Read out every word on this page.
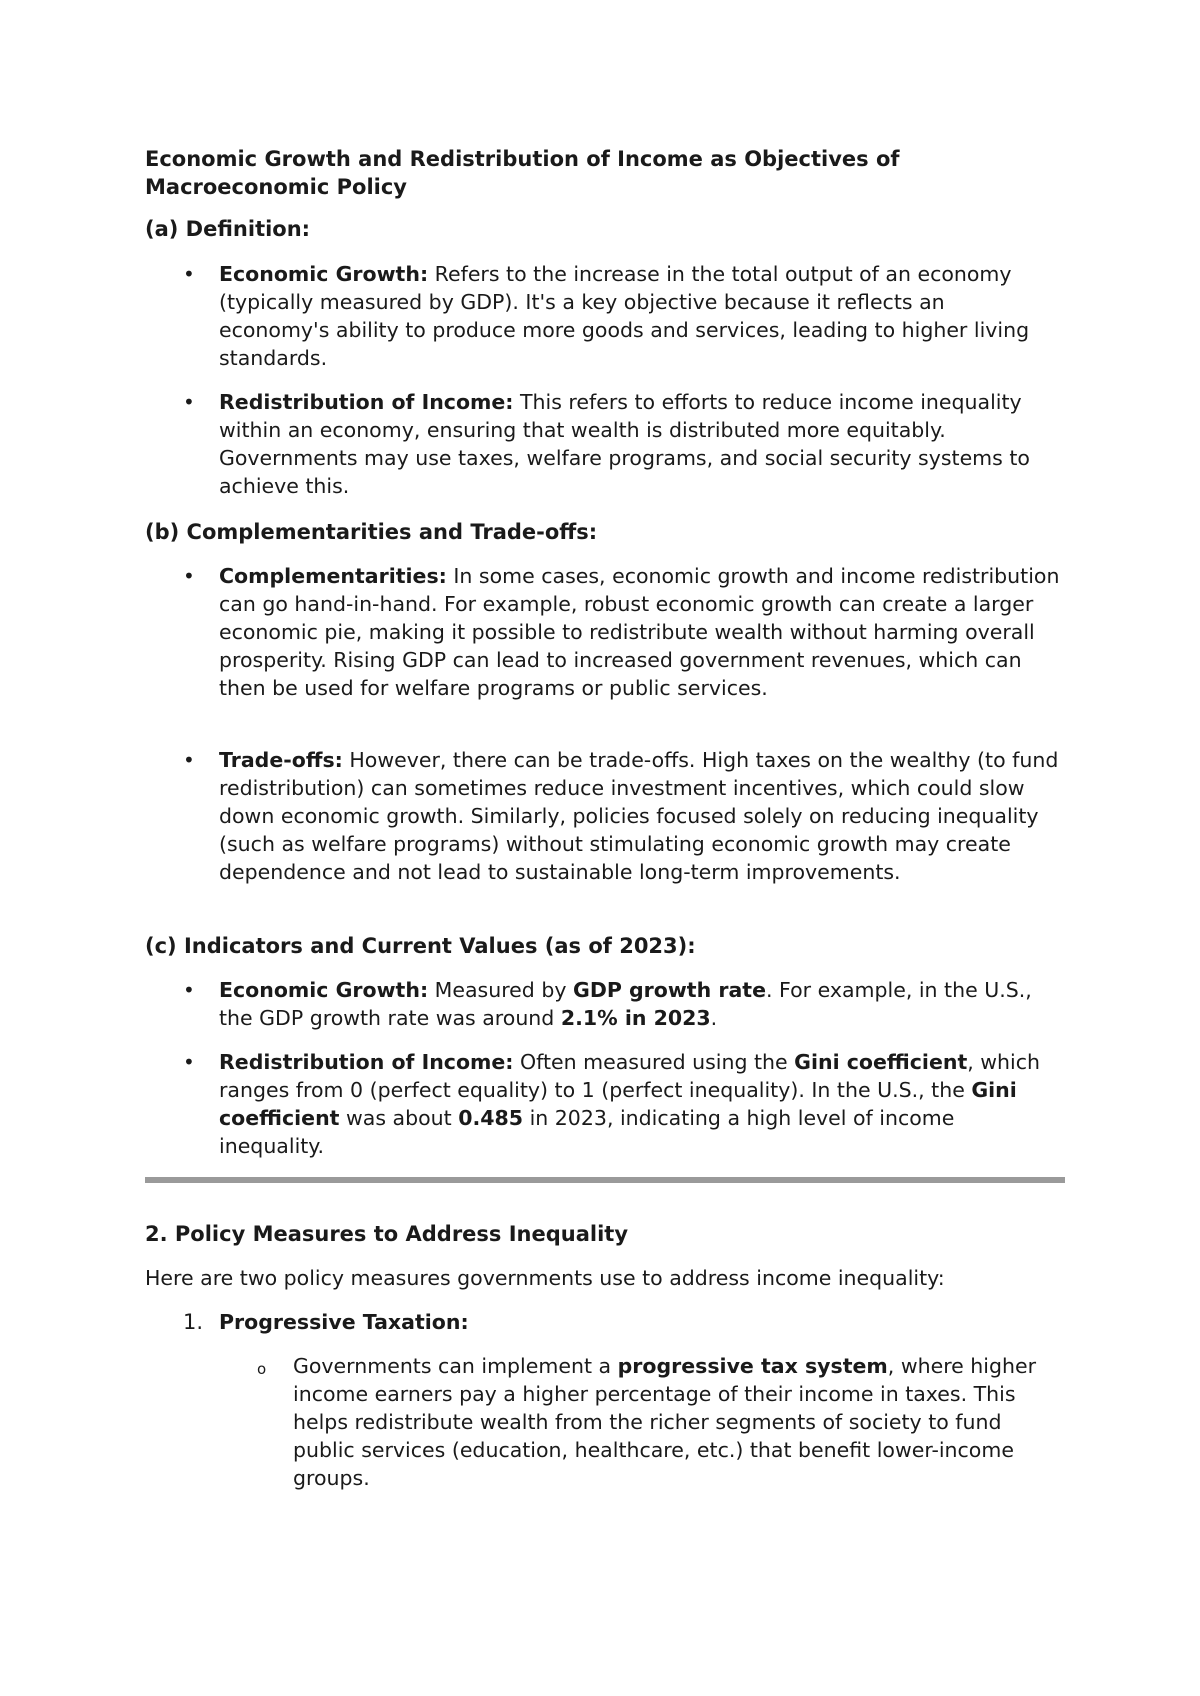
Economic Growth and Redistribution of Income as Objectives of Macroeconomic Policy
(a) Definition:
• Economic Growth: Refers to the increase in the total output of an economy (typically measured by GDP). It's a key objective because it reflects an economy's ability to produce more goods and services, leading to higher living standards.

• Redistribution of Income: This refers to efforts to reduce income inequality within an economy, ensuring that wealth is distributed more equitably. Governments may use taxes, welfare programs, and social security systems to achieve this.

(b) Complementarities and Trade-offs:
• Complementarities: In some cases, economic growth and income redistribution can go hand-in-hand. For example, robust economic growth can create a larger economic pie, making it possible to redistribute wealth without harming overall prosperity. Rising GDP can lead to increased government revenues, which can then be used for welfare programs or public services.

• Trade-offs: However, there can be trade-offs. High taxes on the wealthy (to fund redistribution) can sometimes reduce investment incentives, which could slow down economic growth. Similarly, policies focused solely on reducing inequality (such as welfare programs) without stimulating economic growth may create dependence and not lead to sustainable long-term improvements.

(c) Indicators and Current Values (as of 2023):
• Economic Growth: Measured by GDP growth rate. For example, in the U.S., the GDP growth rate was around 2.1% in 2023.

• Redistribution of Income: Often measured using the Gini coefficient, which ranges from 0 (perfect equality) to 1 (perfect inequality). In the U.S., the Gini coefficient was about 0.485 in 2023, indicating a high level of income inequality.

2. Policy Measures to Address Inequality

Here are two policy measures governments use to address income inequality:

1. Progressive Taxation:

o Governments can implement a progressive tax system, where higher income earners pay a higher percentage of their income in taxes. This helps redistribute wealth from the richer segments of society to fund public services (education, healthcare, etc.) that benefit lower-income groups.
